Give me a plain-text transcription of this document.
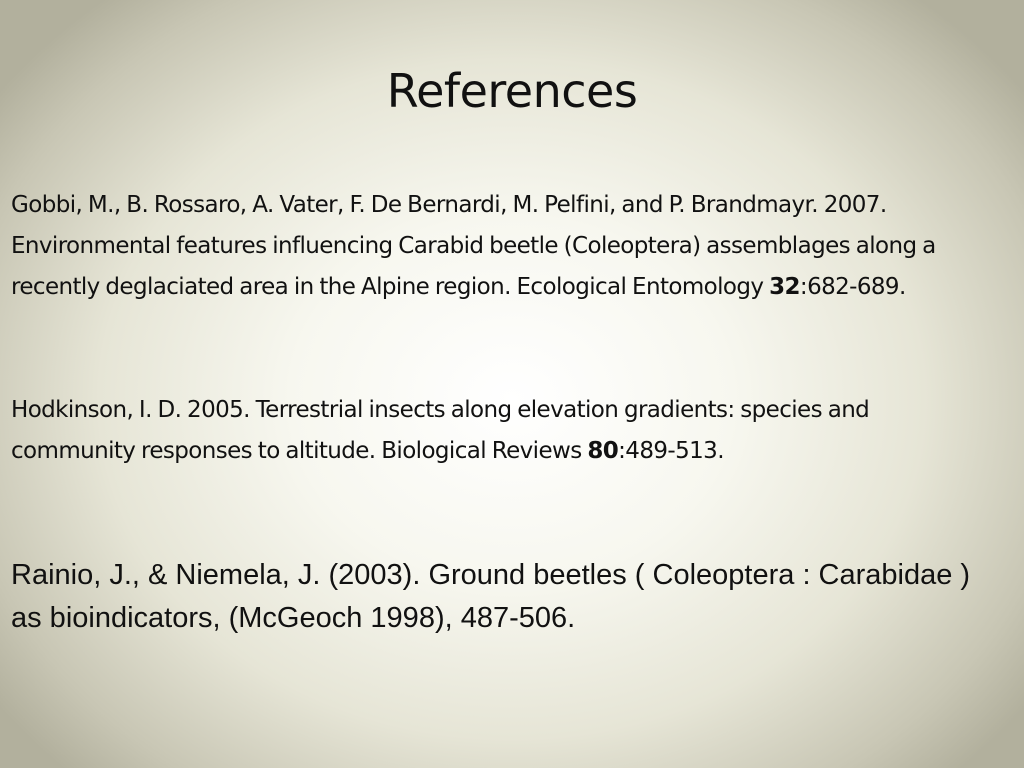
References

Gobbi, M., B. Rossaro, A. Vater, F. De Bernardi, M. Pelfini, and P. Brandmayr. 2007. Environmental features influencing Carabid beetle (Coleoptera) assemblages along a recently deglaciated area in the Alpine region. Ecological Entomology 32:682-689.

Hodkinson, I. D. 2005. Terrestrial insects along elevation gradients: species and community responses to altitude. Biological Reviews 80:489-513.

Rainio, J., & Niemela, J. (2003). Ground beetles ( Coleoptera : Carabidae ) as bioindicators, (McGeoch 1998), 487-506.
